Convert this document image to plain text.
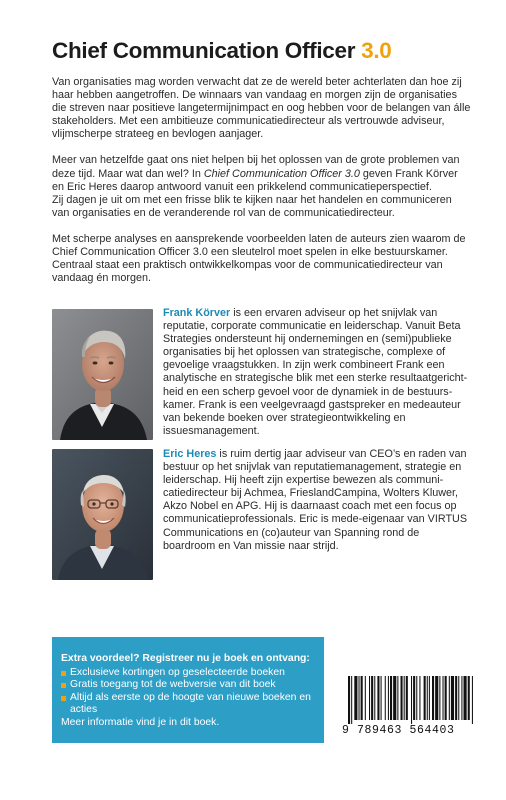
Chief Communication Officer 3.0

Van organisaties mag worden verwacht dat ze de wereld beter achterlaten dan hoe zij haar hebben aangetroffen. De winnaars van vandaag en morgen zijn de organisaties die streven naar positieve langetermijnimpact en oog hebben voor de belangen van álle stakeholders. Met een ambitieuze communicatiedirecteur als vertrouwde adviseur, vlijmscherpe strateeg en bevlogen aanjager.

Meer van hetzelfde gaat ons niet helpen bij het oplossen van de grote problemen van deze tijd. Maar wat dan wel? In Chief Communication Officer 3.0 geven Frank Körver en Eric Heres daarop antwoord vanuit een prikkelend communicatieperspectief.

Zij dagen je uit om met een frisse blik te kijken naar het handelen en communiceren van organisaties en de veranderende rol van de communicatiedirecteur.

Met scherpe analyses en aansprekende voorbeelden laten de auteurs zien waarom de Chief Communication Officer 3.0 een sleutelrol moet spelen in elke bestuurskamer.

Centraal staat een praktisch ontwikkelkompas voor de communicatiedirecteur van vandaag én morgen.

Frank Körver is een ervaren adviseur op het snijvlak van reputatie, corporate communicatie en leiderschap. Vanuit Beta Strategies ondersteunt hij ondernemingen en (semi)publieke organisaties bij het oplossen van strategische, complexe of gevoelige vraagstukken. In zijn werk combineert Frank een analytische en strategische blik met een sterke resultaatgericht-heid en een scherp gevoel voor de dynamiek in de bestuurs-kamer. Frank is een veelgevraagd gastspreker en medeauteur van bekende boeken over strategieontwikkeling en issuesmanagement.
Eric Heres is ruim dertig jaar adviseur van CEO’s en raden van bestuur op het snijvlak van reputatiemanagement, strategie en leiderschap. Hij heeft zijn expertise bewezen als communi-catiedirecteur bij Achmea, FrieslandCampina, Wolters Kluwer, Akzo Nobel en APG. Hij is daarnaast coach met een focus op communicatieprofessionals. Eric is mede-eigenaar van VIRTUS Communications en (co)auteur van Spanning rond de boardroom en Van missie naar strijd.
Extra voordeel? Registreer nu je boek en ontvang:
Exclusieve kortingen op geselecteerde boeken
Gratis toegang tot de webversie van dit boek
Altijd als eerste op de hoogte van nieuwe boeken en acties
Meer informatie vind je in dit boek.
9 789463 564403
